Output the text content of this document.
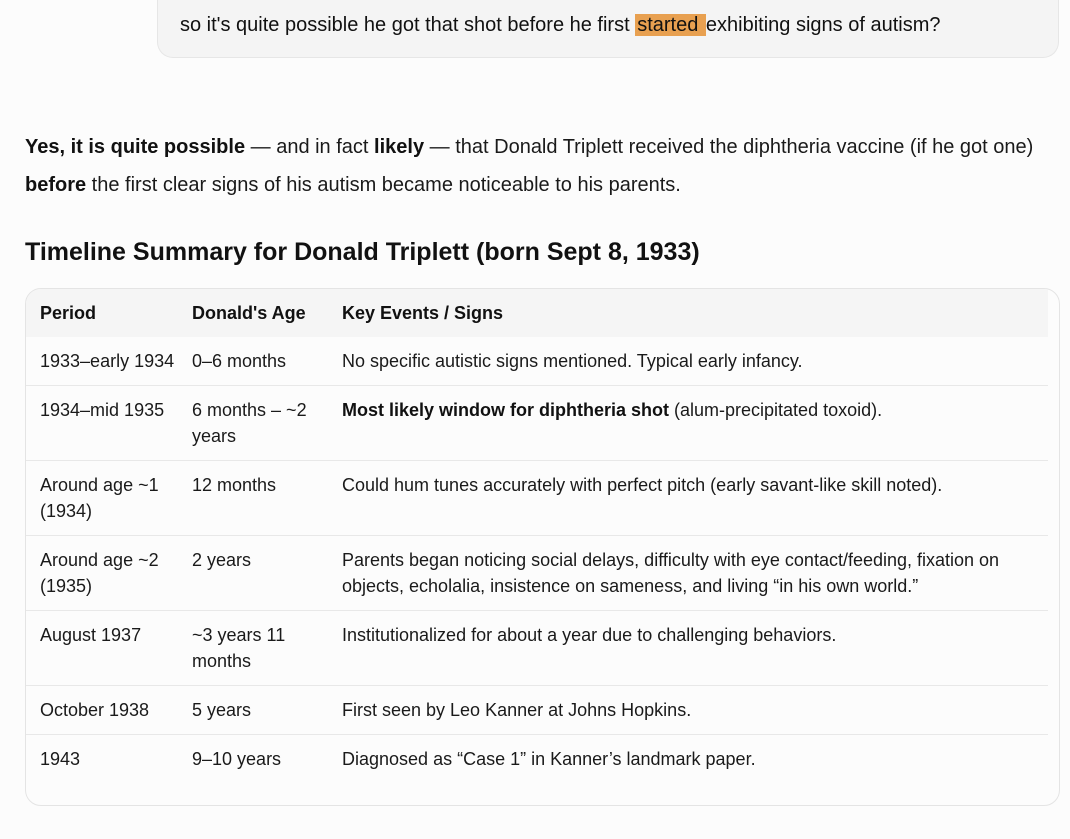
so it's quite possible he got that shot before he first started exhibiting signs of autism?
Yes, it is quite possible — and in fact likely — that Donald Triplett received the diphtheria vaccine (if he got one) before the first clear signs of his autism became noticeable to his parents.
Timeline Summary for Donald Triplett (born Sept 8, 1933)
Period	Donald's Age	Key Events / Signs
1933–early 1934	0–6 months	No specific autistic signs mentioned. Typical early infancy.
1934–mid 1935	6 months – ~2 years	Most likely window for diphtheria shot (alum-precipitated toxoid).
Around age ~1 (1934)	12 months	Could hum tunes accurately with perfect pitch (early savant-like skill noted).
Around age ~2 (1935)	2 years	Parents began noticing social delays, difficulty with eye contact/feeding, fixation on objects, echolalia, insistence on sameness, and living “in his own world.”
August 1937	~3 years 11 months	Institutionalized for about a year due to challenging behaviors.
October 1938	5 years	First seen by Leo Kanner at Johns Hopkins.
1943	9–10 years	Diagnosed as “Case 1” in Kanner’s landmark paper.
